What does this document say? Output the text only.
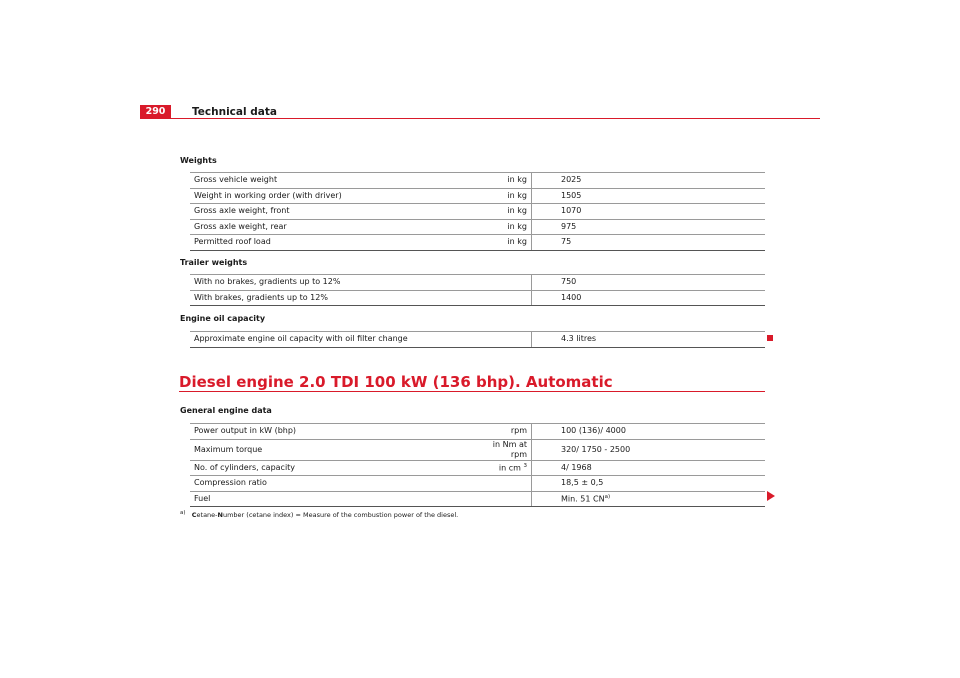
290	Technical data
Weights
Gross vehicle weight	in kg	2025
Weight in working order (with driver)	in kg	1505
Gross axle weight, front	in kg	1070
Gross axle weight, rear	in kg	975
Permitted roof load	in kg	75
Trailer weights
With no brakes, gradients up to 12%		750
With brakes, gradients up to 12%		1400
Engine oil capacity
Approximate engine oil capacity with oil filter change		4.3 litres
Diesel engine 2.0 TDI 100 kW (136 bhp). Automatic
General engine data
Power output in kW (bhp)	rpm	100 (136)/ 4000
Maximum torque	in Nm at rpm	320/ 1750 - 2500
No. of cylinders, capacity	in cm $^3$	4/ 1968
Compression ratio		18,5 ± 0,5
Fuel		Min. 51 CN$^{a)}$
$^{a)}$ Cetane-Number (cetane index) = Measure of the combustion power of the diesel.
